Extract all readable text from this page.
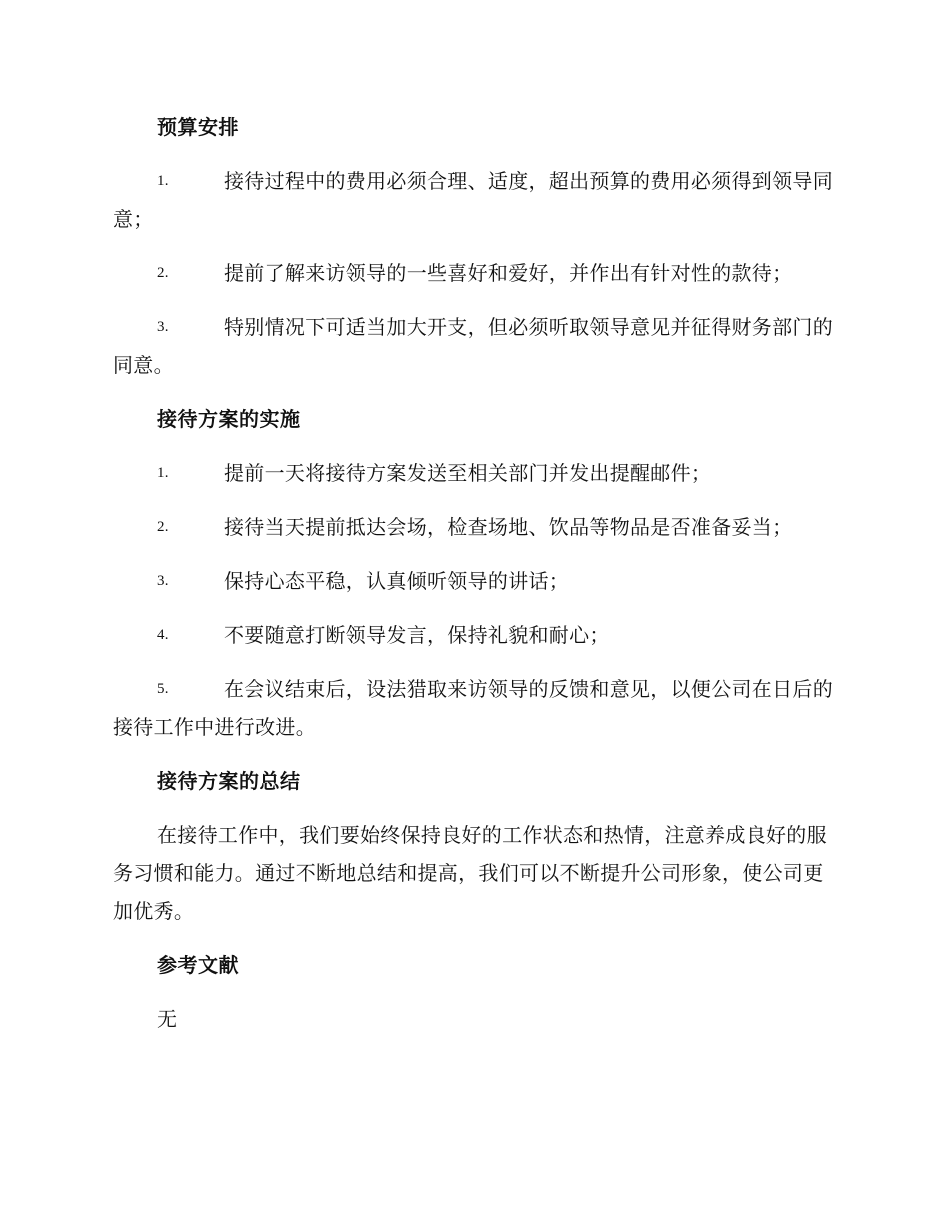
预算安排
1.	接待过程中的费用必须合理、适度，超出预算的费用必须得到领导同意；
2.	提前了解来访领导的一些喜好和爱好，并作出有针对性的款待；
3.	特别情况下可适当加大开支，但必须听取领导意见并征得财务部门的同意。
接待方案的实施
1.	提前一天将接待方案发送至相关部门并发出提醒邮件；
2.	接待当天提前抵达会场，检查场地、饮品等物品是否准备妥当；
3.	保持心态平稳，认真倾听领导的讲话；
4.	不要随意打断领导发言，保持礼貌和耐心；
5.	在会议结束后，设法猎取来访领导的反馈和意见，以便公司在日后的接待工作中进行改进。
接待方案的总结
在接待工作中，我们要始终保持良好的工作状态和热情，注意养成良好的服务习惯和能力。通过不断地总结和提高，我们可以不断提升公司形象，使公司更加优秀。
参考文献
无
